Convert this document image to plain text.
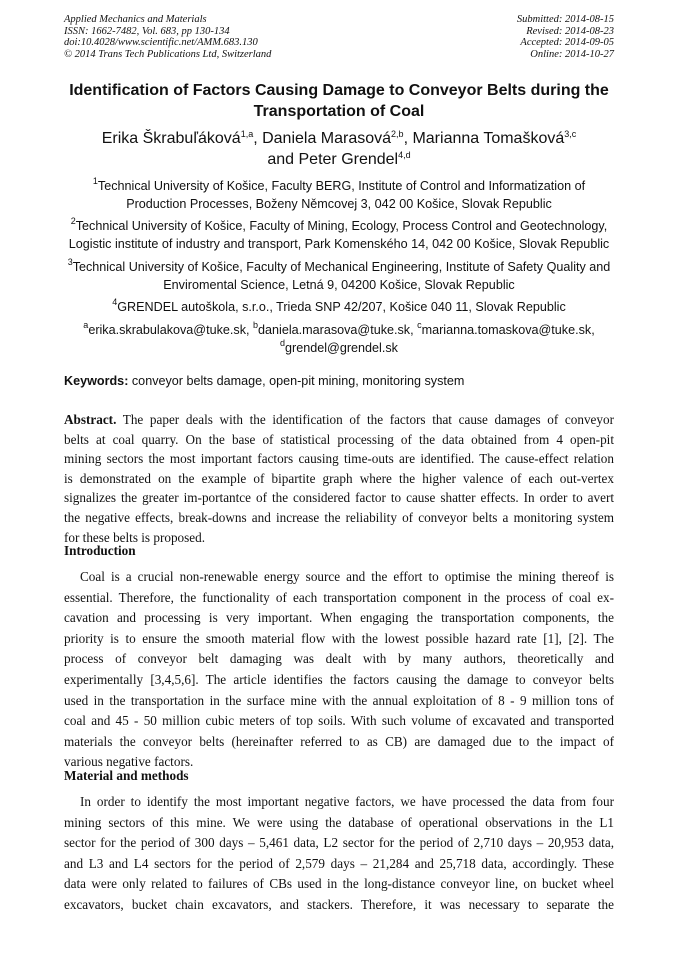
Applied Mechanics and Materials
ISSN: 1662-7482, Vol. 683, pp 130-134
doi:10.4028/www.scientific.net/AMM.683.130
© 2014 Trans Tech Publications Ltd, Switzerland
Submitted: 2014-08-15
Revised: 2014-08-23
Accepted: 2014-09-05
Online: 2014-10-27
Identification of Factors Causing Damage to Conveyor Belts during the
Transportation of Coal
Erika Škrabuľáková$^{1,a}$, Daniela Marasová$^{2,b}$, Marianna Tomašková$^{3,c}$
and Peter Grendel$^{4,d}$
$^1$Technical University of Košice, Faculty BERG, Institute of Control and Informatization of
Production Processes, Boženy Němcovej 3, 042 00 Košice, Slovak Republic
$^2$Technical University of Košice, Faculty of Mining, Ecology, Process Control and Geotechnology,
Logistic institute of industry and transport, Park Komenského 14, 042 00 Košice, Slovak Republic
$^3$Technical University of Košice, Faculty of Mechanical Engineering, Institute of Safety Quality and
Enviromental Science, Letná 9, 04200 Košice, Slovak Republic
$^4$GRENDEL autoškola, s.r.o., Trieda SNP 42/207, Košice 040 11, Slovak Republic
$^a$erika.skrabulakova@tuke.sk, $^b$daniela.marasova@tuke.sk, $^c$marianna.tomaskova@tuke.sk,
$^d$grendel@grendel.sk
Keywords: conveyor belts damage, open-pit mining, monitoring system
Abstract. The paper deals with the identification of the factors that cause damages of conveyor
belts at coal quarry. On the base of statistical processing of the data obtained from 4 open-pit
mining sectors the most important factors causing time-outs are identified. The cause-effect relation
is demonstrated on the example of bipartite graph where the higher valence of each out-vertex
signalizes the greater im-portantce of the considered factor to cause shatter effects. In order to avert
the negative effects, break-downs and increase the reliability of conveyor belts a monitoring system
for these belts is proposed.
Introduction
Coal is a crucial non-renewable energy source and the effort to optimise the mining thereof is
essential. Therefore, the functionality of each transportation component in the process of coal ex-
cavation and processing is very important. When engaging the transportation components, the
priority is to ensure the smooth material flow with the lowest possible hazard rate [1], [2]. The
process of conveyor belt damaging was dealt with by many authors, theoretically and
experimentally [3,4,5,6]. The article identifies the factors causing the damage to conveyor belts
used in the transportation in the surface mine with the annual exploitation of 8 - 9 million tons of
coal and 45 - 50 million cubic meters of top soils. With such volume of excavated and transported
materials the conveyor belts (hereinafter referred to as CB) are damaged due to the impact of
various negative factors.
Material and methods
In order to identify the most important negative factors, we have processed the data from four
mining sectors of this mine. We were using the database of operational observations in the L1
sector for the period of 300 days – 5,461 data, L2 sector for the period of 2,710 days – 20,953 data,
and L3 and L4 sectors for the period of 2,579 days – 21,284 and 25,718 data, accordingly. These
data were only related to failures of CBs used in the long-distance conveyor line, on bucket wheel
excavators, bucket chain excavators, and stackers. Therefore, it was necessary to separate the
